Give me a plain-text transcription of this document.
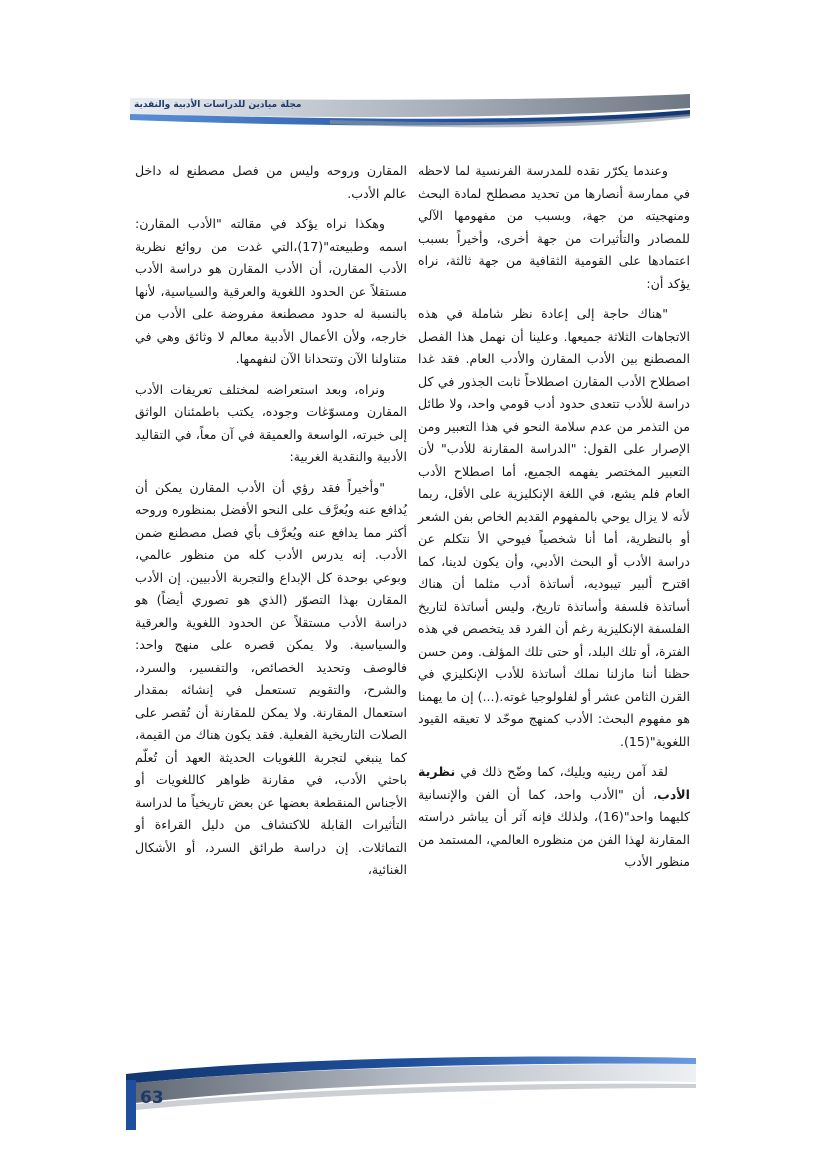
مجلة ميادين للدراسات الأدبية والنقدية

وعندما يكرّر نقده للمدرسة الفرنسية لما لاحظه في ممارسة أنصارها من تحديد مصطلح لمادة البحث ومنهجيته من جهة، وبسبب من مفهومها الآلي للمصادر والتأثيرات من جهة أخرى، وأخيراً بسبب اعتمادها على القومية الثقافية من جهة ثالثة، نراه يؤكد أن:

"هناك حاجة إلى إعادة نظر شاملة في هذه الاتجاهات الثلاثة جميعها. وعلينا أن نهمل هذا الفصل المصطنع بين الأدب المقارن والأدب العام. فقد غدا اصطلاح الأدب المقارن اصطلاحاً ثابت الجذور في كل دراسة للأدب تتعدى حدود أدب قومي واحد، ولا طائل من التذمر من عدم سلامة النحو في هذا التعبير ومن الإصرار على القول: "الدراسة المقارنة للأدب" لأن التعبير المختصر يفهمه الجميع، أما اصطلاح الأدب العام فلم يشع، في اللغة الإنكليزية على الأقل، ربما لأنه لا يزال يوحي بالمفهوم القديم الخاص بفن الشعر أو بالنظرية، أما أنا شخصياً فيوحي الأ نتكلم عن دراسة الأدب أو البحث الأدبي، وأن يكون لدينا، كما اقترح ألبير تيبوديه، أساتذة أدب مثلما أن هناك أساتذة فلسفة وأساتذة تاريخ، وليس أساتذة لتاريخ الفلسفة الإنكليزية رغم أن الفرد قد يتخصص في هذه الفترة، أو تلك البلد، أو حتى تلك المؤلف. ومن حسن حظنا أننا مازلنا نملك أساتذة للأدب الإنكليزي في القرن الثامن عشر أو لفلولوجيا غوته.(...) إن ما يهمنا هو مفهوم البحث: الأدب كمنهج موحّد لا تعيقه القيود اللغوية"(15).

لقد آمن رينيه ويليك، كما وضّح ذلك في نظرية الأدب، أن "الأدب واحد، كما أن الفن والإنسانية كليهما واحد"(16)، ولذلك فإنه آثر أن يباشر دراسته المقارنة لهذا الفن من منظوره العالمي، المستمد من منظور الأدب

المقارن وروحه وليس من فصل مصطنع له داخل عالم الأدب.

وهكذا نراه يؤكد في مقالته "الأدب المقارن: اسمه وطبيعته"(17)،التي غدت من روائع نظرية الأدب المقارن، أن الأدب المقارن هو دراسة الأدب مستقلاً عن الحدود اللغوية والعرقية والسياسية، لأنها بالنسبة له حدود مصطنعة مفروضة على الأدب من خارجه، ولأن الأعمال الأدبية معالم لا وثائق وهي في متناولنا الآن وتتحدانا الآن لنفهمها.

ونراه، وبعد استعراضه لمختلف تعريفات الأدب المقارن ومسوّغات وجوده، يكتب باطمئنان الواثق إلى خبرته، الواسعة والعميقة في آن معاً، في التقاليد الأدبية والنقدية الغربية:

"وأخيراً فقد رؤي أن الأدب المقارن يمكن أن يُدافع عنه ويُعرَّف على النحو الأفضل بمنظوره وروحه أكثر مما يدافع عنه ويُعرَّف بأي فصل مصطنع ضمن الأدب. إنه يدرس الأدب كله من منظور عالمي، وبوعي بوحدة كل الإبداع والتجربة الأدبيين. إن الأدب المقارن بهذا التصوّر (الذي هو تصوري أيضاً) هو دراسة الأدب مستقلاً عن الحدود اللغوية والعرقية والسياسية. ولا يمكن قصره على منهج واحد: فالوصف وتحديد الخصائص، والتفسير، والسرد، والشرح، والتقويم تستعمل في إنشائه بمقدار استعمال المقارنة. ولا يمكن للمقارنة أن تُقصر على الصلات التاريخية الفعلية. فقد يكون هناك من القيمة، كما ينبغي لتجربة اللغويات الحديثة العهد أن تُعلّم باحثي الأدب، في مقارنة ظواهر كاللغويات أو الأجناس المنقطعة بعضها عن بعض تاريخياً ما لدراسة التأثيرات القابلة للاكتشاف من دليل القراءة أو التماثلات. إن دراسة طرائق السرد، أو الأشكال الغنائية،

63
